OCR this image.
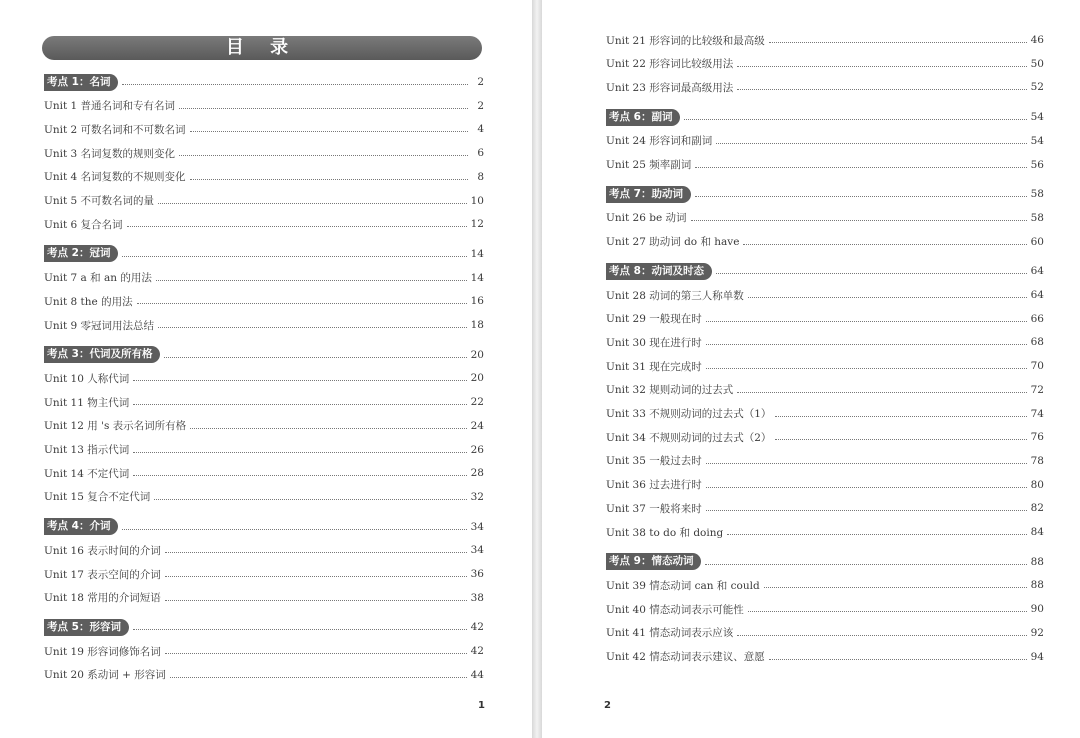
目 录
1
考点 1：名词	2
Unit 1 普通名词和专有名词	2
Unit 2 可数名词和不可数名词	4
Unit 3 名词复数的规则变化	6
Unit 4 名词复数的不规则变化	8
Unit 5 不可数名词的量	10
Unit 6 复合名词	12
考点 2：冠词	14
Unit 7 a 和 an 的用法	14
Unit 8 the 的用法	16
Unit 9 零冠词用法总结	18
考点 3：代词及所有格	20
Unit 10 人称代词	20
Unit 11 物主代词	22
Unit 12 用 's 表示名词所有格	24
Unit 13 指示代词	26
Unit 14 不定代词	28
Unit 15 复合不定代词	32
考点 4：介词	34
Unit 16 表示时间的介词	34
Unit 17 表示空间的介词	36
Unit 18 常用的介词短语	38
考点 5：形容词	42
Unit 19 形容词修饰名词	42
Unit 20 系动词 + 形容词	44
2
Unit 21 形容词的比较级和最高级	46
Unit 22 形容词比较级用法	50
Unit 23 形容词最高级用法	52
考点 6：副词	54
Unit 24 形容词和副词	54
Unit 25 频率副词	56
考点 7：助动词	58
Unit 26 be 动词	58
Unit 27 助动词 do 和 have	60
考点 8：动词及时态	64
Unit 28 动词的第三人称单数	64
Unit 29 一般现在时	66
Unit 30 现在进行时	68
Unit 31 现在完成时	70
Unit 32 规则动词的过去式	72
Unit 33 不规则动词的过去式（1）	74
Unit 34 不规则动词的过去式（2）	76
Unit 35 一般过去时	78
Unit 36 过去进行时	80
Unit 37 一般将来时	82
Unit 38 to do 和 doing	84
考点 9：情态动词	88
Unit 39 情态动词 can 和 could	88
Unit 40 情态动词表示可能性	90
Unit 41 情态动词表示应该	92
Unit 42 情态动词表示建议、意愿	94
